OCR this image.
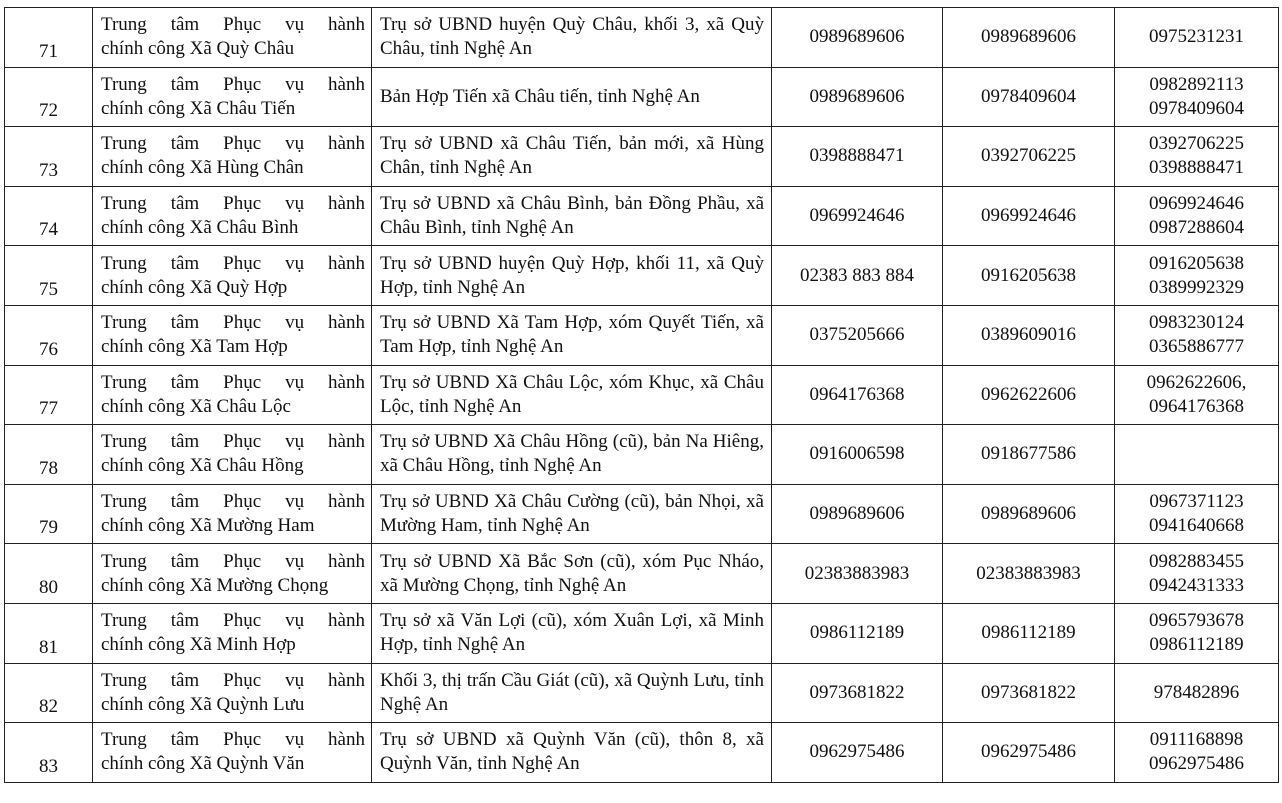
71	Trung tâm Phục vụ hành
chính công Xã Quỳ Châu	Trụ sở UBND huyện Quỳ Châu, khối 3, xã Quỳ Châu, tỉnh Nghệ An	0989689606	0989689606	0975231231

72	Trung tâm Phục vụ hành
chính công Xã Châu Tiến	Bản Hợp Tiến xã Châu tiến, tỉnh Nghệ An	0989689606	0978409604	0982892113
0978409604

73	Trung tâm Phục vụ hành
chính công Xã Hùng Chân	Trụ sở UBND xã Châu Tiến, bản mới, xã Hùng Chân, tỉnh Nghệ An	0398888471	0392706225	0392706225
0398888471

74	Trung tâm Phục vụ hành
chính công Xã Châu Bình	Trụ sở UBND xã Châu Bình, bản Đồng Phầu, xã Châu Bình, tỉnh Nghệ An	0969924646	0969924646	0969924646
0987288604

75	Trung tâm Phục vụ hành
chính công Xã Quỳ Hợp	Trụ sở UBND huyện Quỳ Hợp, khối 11, xã Quỳ Hợp, tỉnh Nghệ An	02383 883 884	0916205638	0916205638
0389992329

76	Trung tâm Phục vụ hành
chính công Xã Tam Hợp	Trụ sở UBND Xã Tam Hợp, xóm Quyết Tiến, xã Tam Hợp, tỉnh Nghệ An	0375205666	0389609016	0983230124
0365886777

77	Trung tâm Phục vụ hành
chính công Xã Châu Lộc	Trụ sở UBND Xã Châu Lộc, xóm Khục, xã Châu Lộc, tỉnh Nghệ An	0964176368	0962622606	0962622606,
0964176368

78	Trung tâm Phục vụ hành
chính công Xã Châu Hồng	Trụ sở UBND Xã Châu Hồng (cũ), bản Na Hiêng, xã Châu Hồng, tỉnh Nghệ An	0916006598	0918677586	

79	Trung tâm Phục vụ hành
chính công Xã Mường Ham	Trụ sở UBND Xã Châu Cường (cũ), bản Nhọi, xã Mường Ham, tỉnh Nghệ An	0989689606	0989689606	0967371123
0941640668

80	Trung tâm Phục vụ hành
chính công Xã Mường Chọng	Trụ sở UBND Xã Bắc Sơn (cũ), xóm Pục Nháo, xã Mường Chọng, tỉnh Nghệ An	02383883983	02383883983	0982883455
0942431333

81	Trung tâm Phục vụ hành
chính công Xã Minh Hợp	Trụ sở xã Văn Lợi (cũ), xóm Xuân Lợi, xã Minh Hợp, tỉnh Nghệ An	0986112189	0986112189	0965793678
0986112189

82	Trung tâm Phục vụ hành
chính công Xã Quỳnh Lưu	Khối 3, thị trấn Cầu Giát (cũ), xã Quỳnh Lưu, tỉnh Nghệ An	0973681822	0973681822	978482896

83	Trung tâm Phục vụ hành
chính công Xã Quỳnh Văn	Trụ sở UBND xã Quỳnh Văn (cũ), thôn 8, xã Quỳnh Văn, tỉnh Nghệ An	0962975486	0962975486	0911168898
0962975486
